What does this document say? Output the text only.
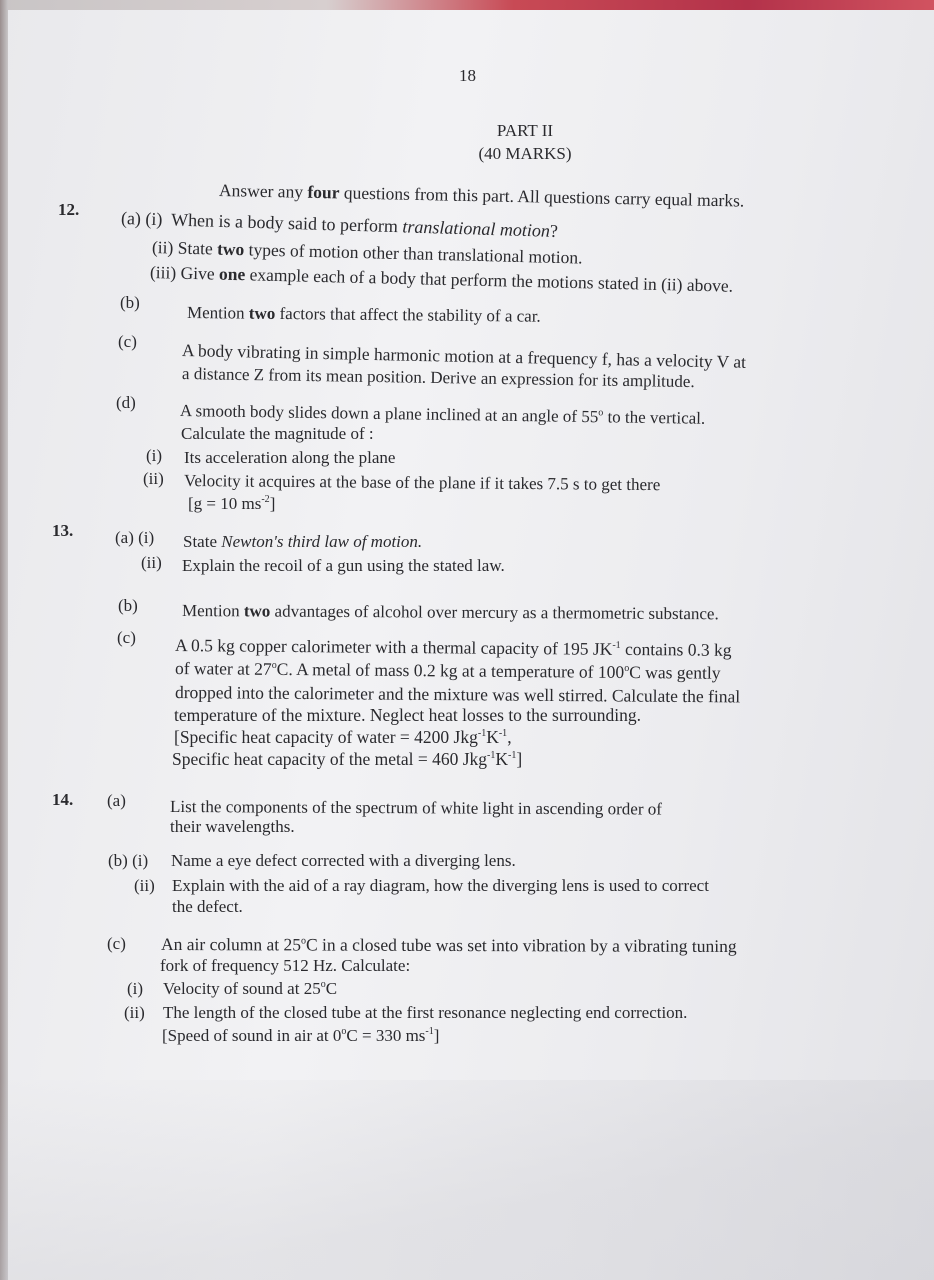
18
PART II
(40 MARKS)
Answer any four questions from this part. All questions carry equal marks.
12. (a) (i) When is a body said to perform translational motion?
(ii) State two types of motion other than translational motion.
(iii) Give one example each of a body that perform the motions stated in (ii) above.
(b)
Mention two factors that affect the stability of a car.
(c)	A body vibrating in simple harmonic motion at a frequency f, has a velocity V at
a distance Z from its mean position. Derive an expression for its amplitude.
(d)	A smooth body slides down a plane inclined at an angle of 55$^o$ to the vertical.
Calculate the magnitude of :
(i) Its acceleration along the plane
(ii) Velocity it acquires at the base of the plane if it takes 7.5 s to get there
[g = 10 $ms^{-2}$]
13. (a) (i) State Newton's third law of motion.
(ii) Explain the recoil of a gun using the stated law.
(b)	Mention two advantages of alcohol over mercury as a thermometric substance.
(c) A 0.5 kg copper calorimeter with a thermal capacity of 195 $JK^{-1}$ contains 0.3 kg
of water at 27$^o$C. A metal of mass 0.2 kg at a temperature of 100$^o$C was gently
dropped into the calorimeter and the mixture was well stirred. Calculate the final
temperature of the mixture. Neglect heat losses to the surrounding.
[Specific heat capacity of water = 4200 $Jkg^{-1}K^{-1}$,
Specific heat capacity of the metal = 460 $Jkg^{-1}K^{-1}$]
14. (a)	List the components of the spectrum of white light in ascending order of
their wavelengths.
(b) (i) Name a eye defect corrected with a diverging lens.
(ii) Explain with the aid of a ray diagram, how the diverging lens is used to correct
the defect.
(c) An air column at 25$^o$C in a closed tube was set into vibration by a vibrating tuning
fork of frequency 512 Hz. Calculate:
(i) Velocity of sound at 25$^o$C
(ii) The length of the closed tube at the first resonance neglecting end correction.
[Speed of sound in air at $0^oC = 330$ $ms^{-1}$]
